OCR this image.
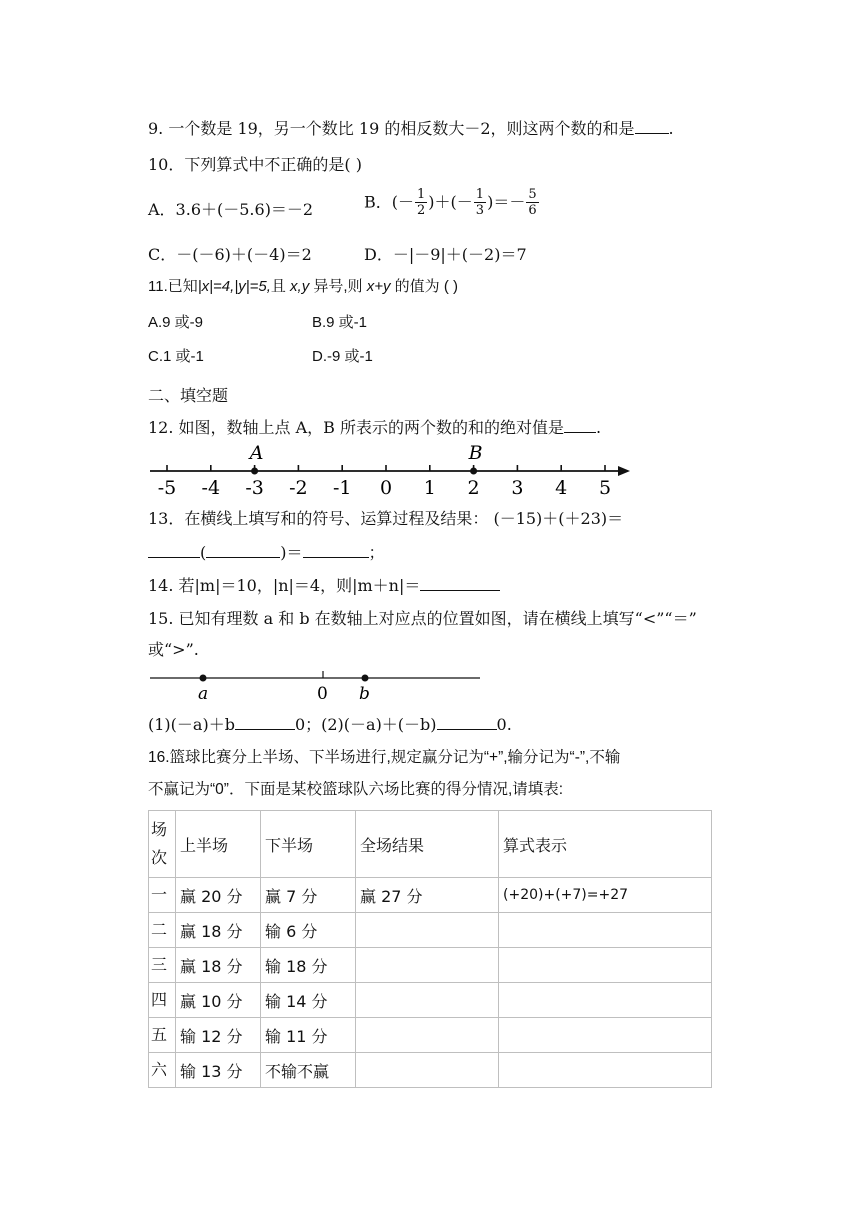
9. 一个数是 19，另一个数比 19 的相反数大－2，则这两个数的和是 .
10．下列算式中不正确的是( )
A．3.6＋(－5.6)＝－2	B．(－ $\frac{1}{2}$ )＋(－ $\frac{1}{3}$ )＝－ $\frac{5}{6}$
C．－(－6)＋(－4)＝2	D．－|－9|＋(－2)＝7
11.已知|x|=4,|y|=5,且 x,y 异号,则 x+y 的值为 ( )
A.9 或-9	B.9 或-1
C.1 或-1	D.-9 或-1
二、填空题
12. 如图，数轴上点 A，B 所表示的两个数的和的绝对值是 .
-5 -4 -3 -2 -1 0 1 2 3 4 5
A	B
13．在横线上填写和的符号、运算过程及结果： (－15)＋(＋23)＝
(	)＝	；
14. 若|m|＝10，|n|＝4，则|m＋n|＝
15. 已知有理数 a 和 b 在数轴上对应点的位置如图，请在横线上填写“<”“＝”
或“>”.
a	0 b
(1)(－a)＋b	0；(2)(－a)＋(－b)	0.
16.篮球比赛分上半场、下半场进行,规定赢分记为“+”,输分记为“-”,不输
不赢记为“0”．下面是某校篮球队六场比赛的得分情况,请填表:
场次	上半场	下半场	全场结果	算式表示
一	赢 20 分	赢 7 分	赢 27 分	(+20)+(+7)=+27
二	赢 18 分	输 6 分		
三	赢 18 分	输 18 分		
四	赢 10 分	输 14 分		
五	输 12 分	输 11 分		
六	输 13 分	不输不赢		
